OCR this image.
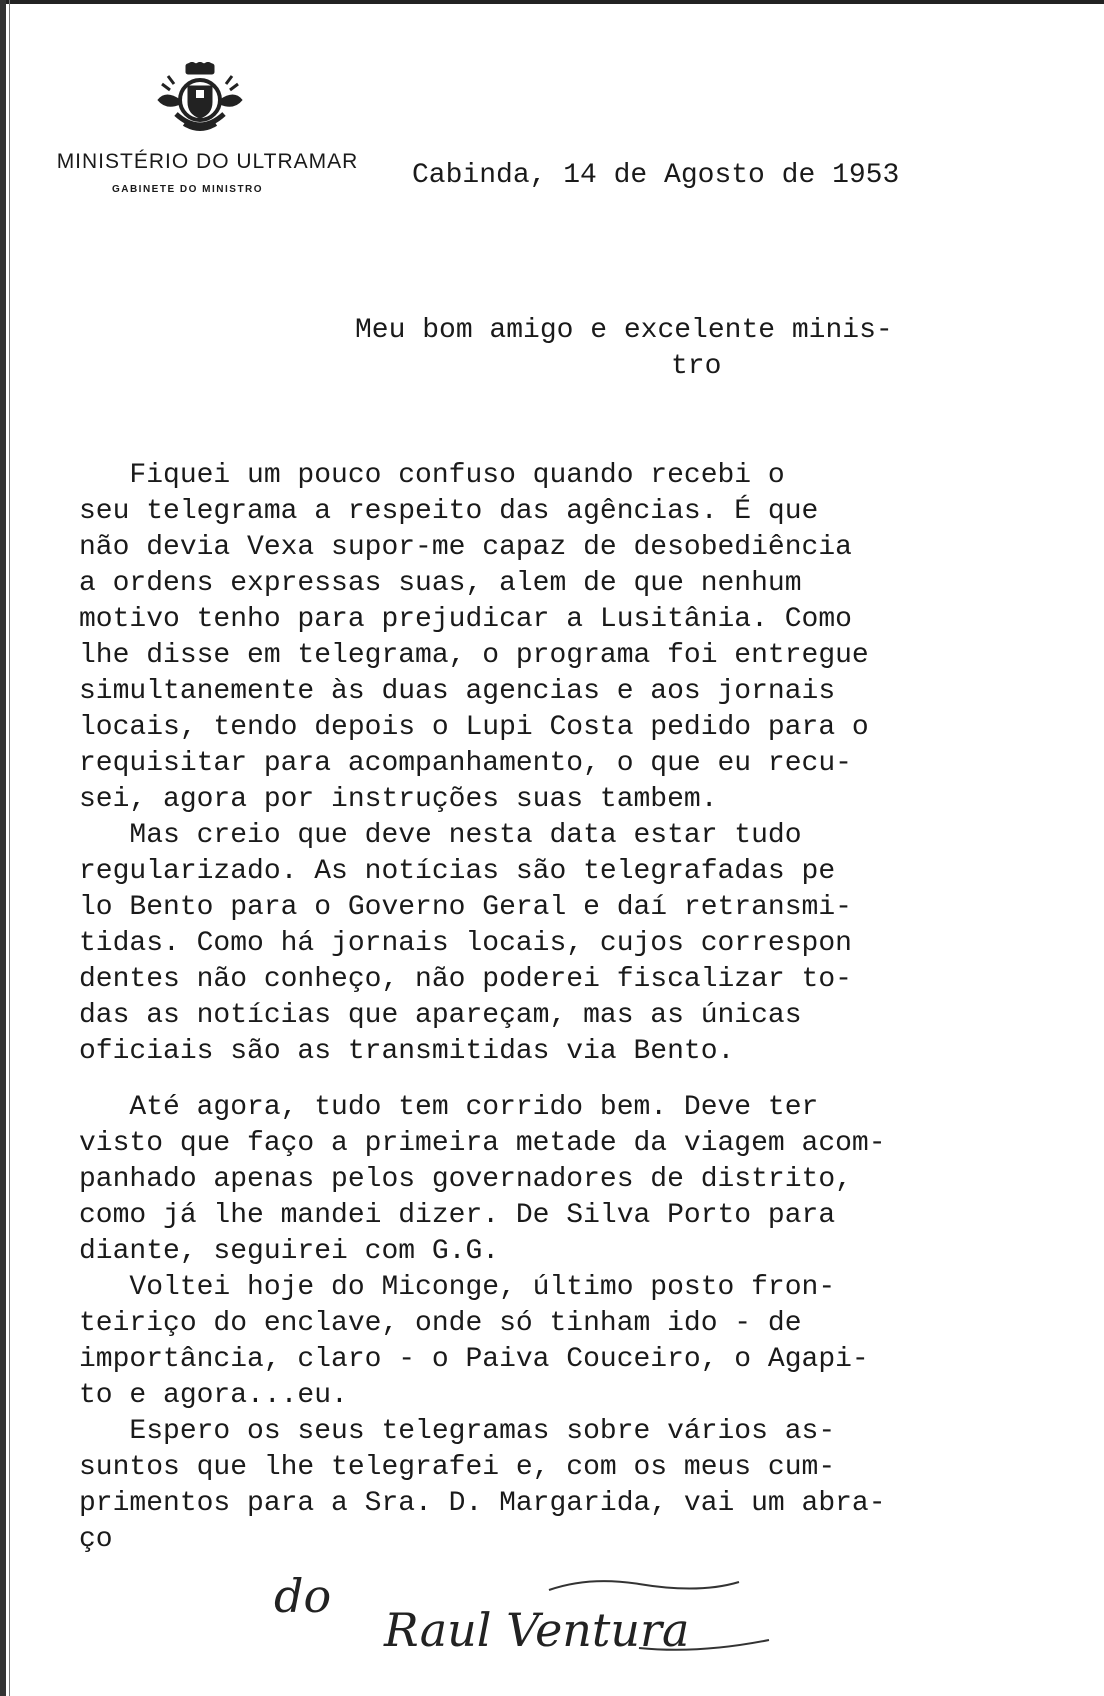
MINISTÉRIO DO ULTRAMAR
GABINETE DO MINISTRO	Cabinda, 14 de Agosto de 1953
Meu bom amigo e excelente minis-
tro
Fiquei um pouco confuso quando recebi o
seu telegrama a respeito das agências. É que
não devia Vexa supor-me capaz de desobediência
a ordens expressas suas, alem de que nenhum
motivo tenho para prejudicar a Lusitânia. Como
lhe disse em telegrama, o programa foi entregue
simultanemente às duas agencias e aos jornais
locais, tendo depois o Lupi Costa pedido para o
requisitar para acompanhamento, o que eu recu-
sei, agora por instruções suas tambem.
Mas creio que deve nesta data estar tudo
regularizado. As notícias são telegrafadas pe
lo Bento para o Governo Geral e daí retransmi-
tidas. Como há jornais locais, cujos correspon
dentes não conheço, não poderei fiscalizar to-
das as notícias que apareçam, mas as únicas
oficiais são as transmitidas via Bento.
Até agora, tudo tem corrido bem. Deve ter
visto que faço a primeira metade da viagem acom-
panhado apenas pelos governadores de distrito,
como já lhe mandei dizer. De Silva Porto para
diante, seguirei com G.G.
Voltei hoje do Miconge, último posto fron-
teiriço do enclave, onde só tinham ido - de
importância, claro - o Paiva Couceiro, o Agapi-
to e agora...eu.
Espero os seus telegramas sobre vários as-
suntos que lhe telegrafei e, com os meus cum-
primentos para a Sra. D. Margarida, vai um abra-
ço
do
Raul Ventura
